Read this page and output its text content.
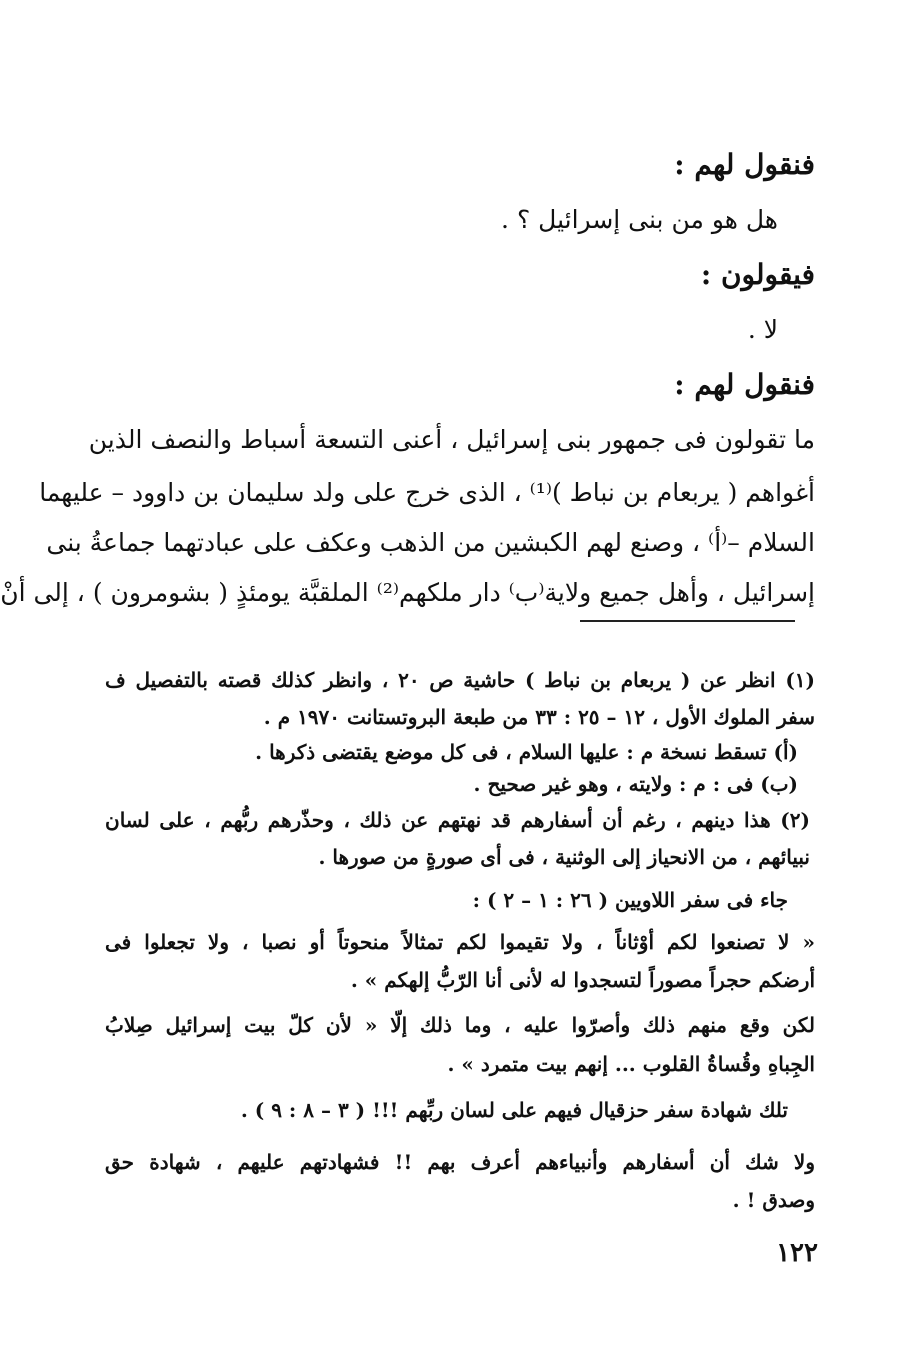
فنقول لهم :
هل هو من بنى إسرائيل ؟ .
فيقولون :
لا .
فنقول لهم :
ما تقولون فى جمهور بنى إسرائيل ، أعنى التسعة أسباط والنصف الذين
أغواهم ( يربعام بن نباط )⁽¹⁾ ، الذى خرج على ولد سليمان بن داوود – عليهما
السلام –⁽أ⁾ ، وصنع لهم الكبشين من الذهب وعكف على عبادتهما جماعةُ بنى
إسرائيل ، وأهل جميع ولاية⁽ب⁾ دار ملكهم⁽²⁾ الملقبَّة يومئذٍ ( بشومرون ) ، إلى أنْ
(١) انظر عن ( يربعام بن نباط ) حاشية ص ٢٠ ، وانظر كذلك قصته بالتفصيل ف
سفر الملوك الأول ، ١٢ – ٢٥ : ٣٣ من طبعة البروتستانت ١٩٧٠ م .
(أ) تسقط نسخة م : عليها السلام ، فى كل موضع يقتضى ذكرها .
(ب) فى : م : ولايته ، وهو غير صحيح .
(٢) هذا دينهم ، رغم أن أسفارهم قد نهتهم عن ذلك ، وحذّرهم ربُّهم ، على لسان
نبيائهم ، من الانحياز إلى الوثنية ، فى أى صورةٍ من صورها .
جاء فى سفر اللاويين ( ٢٦ : ١ – ٢ ) :
« لا تصنعوا لكم أوْثاناً ، ولا تقيموا لكم تمثالاً منحوتاً أو نصبا ، ولا تجعلوا فى
أرضكم حجراً مصوراً لتسجدوا له لأنى أنا الرّبُّ إلهكم » .
لكن وقع منهم ذلك وأصرّوا عليه ، وما ذلك إلّا « لأن كلّ بيت إسرائيل صِلابُ
الجِباهِ وقُساةُ القلوب ... إنهم بيت متمرد » .
تلك شهادة سفر حزقيال فيهم على لسان ربِّهم !!! ( ٣ – ٨ : ٩ ) .
ولا شك أن أسفارهم وأنبياءهم أعرف بهم !! فشهادتهم عليهم ، شهادة حق
وصدق ! .
١٢٢
